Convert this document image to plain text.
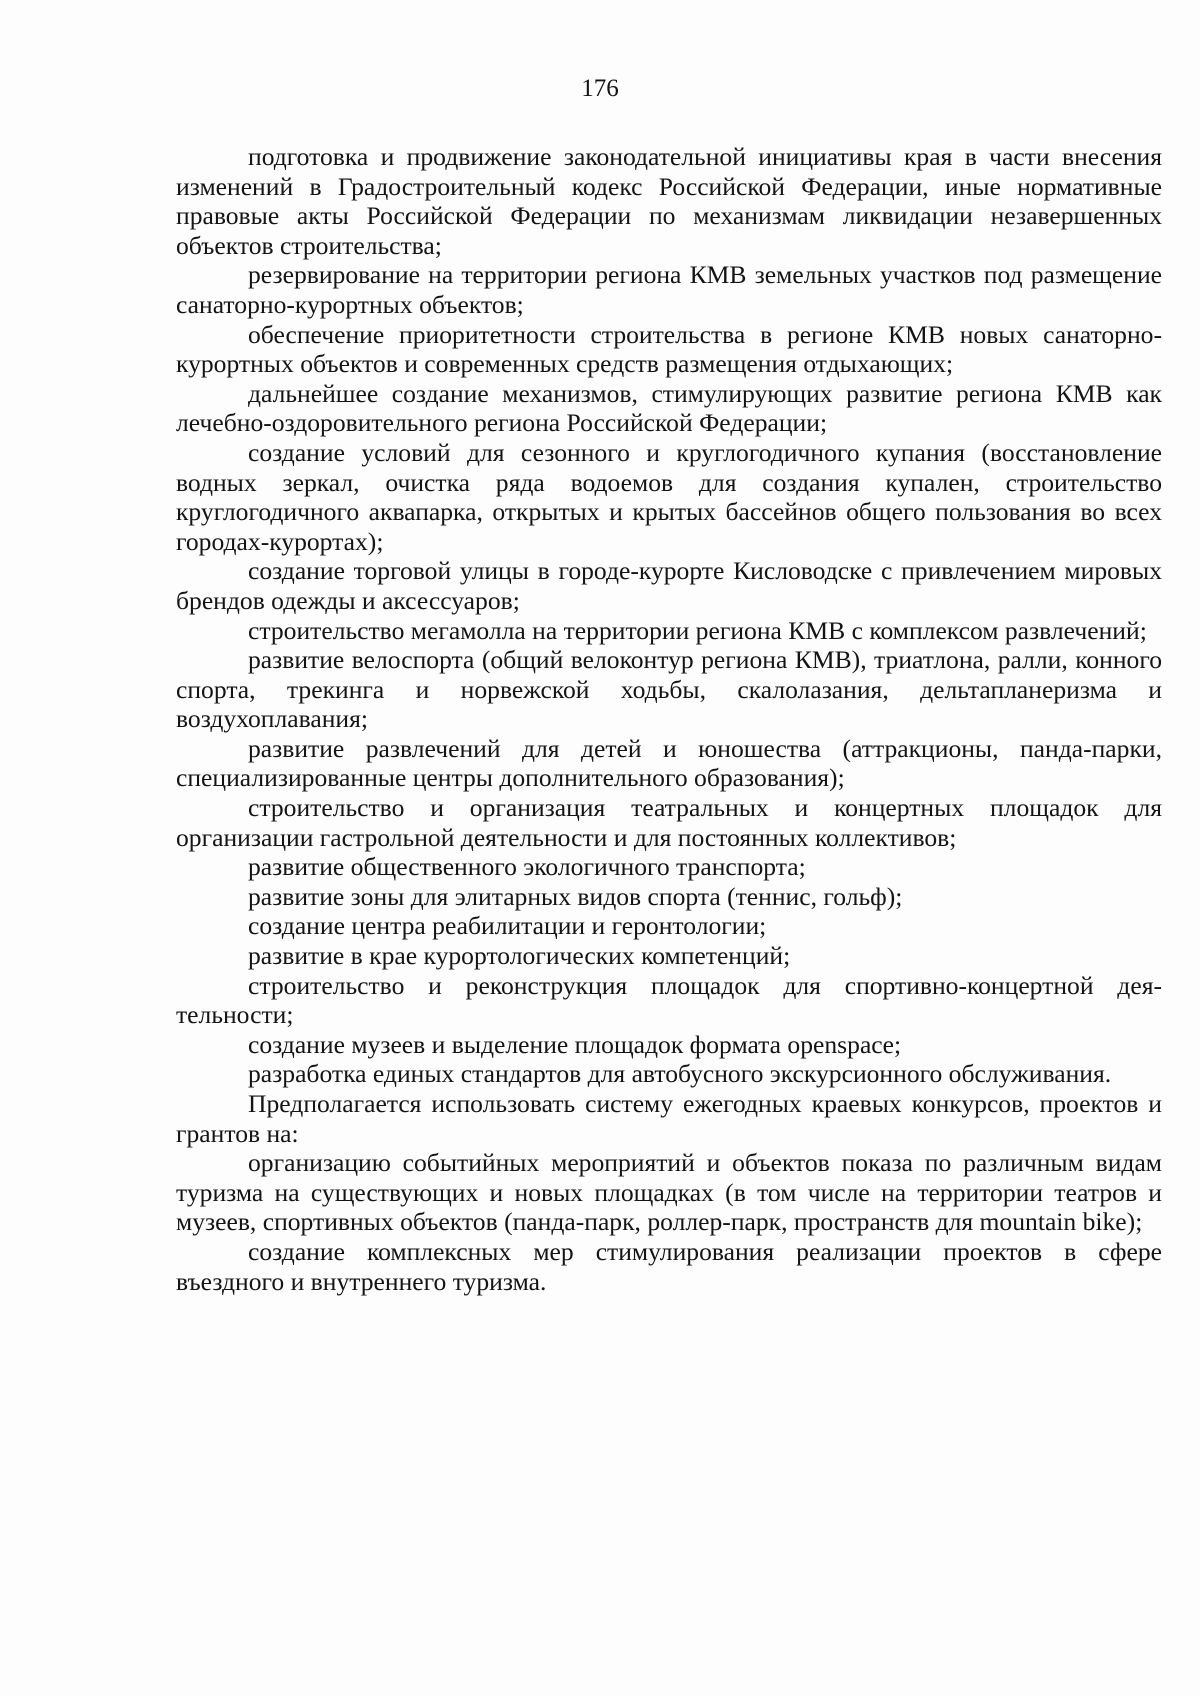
176

подготовка и продвижение законодательной инициативы края в части внесения изменений в Градостроительный кодекс Российской Федерации, иные нормативные правовые акты Российской Федерации по механизмам ликвидации незавершенных объектов строительства;

резервирование на территории региона КМВ земельных участков под размещение санаторно-курортных объектов;

обеспечение приоритетности строительства в регионе КМВ новых санаторно-курортных объектов и современных средств размещения отдыхающих;

дальнейшее создание механизмов, стимулирующих развитие региона КМВ как лечебно-оздоровительного региона Российской Федерации;

создание условий для сезонного и круглогодичного купания (восстановление водных зеркал, очистка ряда водоемов для создания купален, строительство круглогодичного аквапарка, открытых и крытых бассейнов общего пользования во всех городах-курортах);

создание торговой улицы в городе-курорте Кисловодске с привлечением мировых брендов одежды и аксессуаров;

строительство мегамолла на территории региона КМВ с комплексом развлечений;

развитие велоспорта (общий велоконтур региона КМВ), триатлона, ралли, конного спорта, трекинга и норвежской ходьбы, скалолазания, дельтапланеризма и воздухоплавания;

развитие развлечений для детей и юношества (аттракционы, панда-парки, специализированные центры дополнительного образования);

строительство и организация театральных и концертных площадок для организации гастрольной деятельности и для постоянных коллективов;

развитие общественного экологичного транспорта;

развитие зоны для элитарных видов спорта (теннис, гольф);

создание центра реабилитации и геронтологии;

развитие в крае курортологических компетенций;

строительство и реконструкция площадок для спортивно-концертной деятельности;

создание музеев и выделение площадок формата openspace;

разработка единых стандартов для автобусного экскурсионного обслуживания.

Предполагается использовать систему ежегодных краевых конкурсов, проектов и грантов на:

организацию событийных мероприятий и объектов показа по различным видам туризма на существующих и новых площадках (в том числе на территории театров и музеев, спортивных объектов (панда-парк, роллер-парк, пространств для mountain bike);

создание комплексных мер стимулирования реализации проектов в сфере въездного и внутреннего туризма.
